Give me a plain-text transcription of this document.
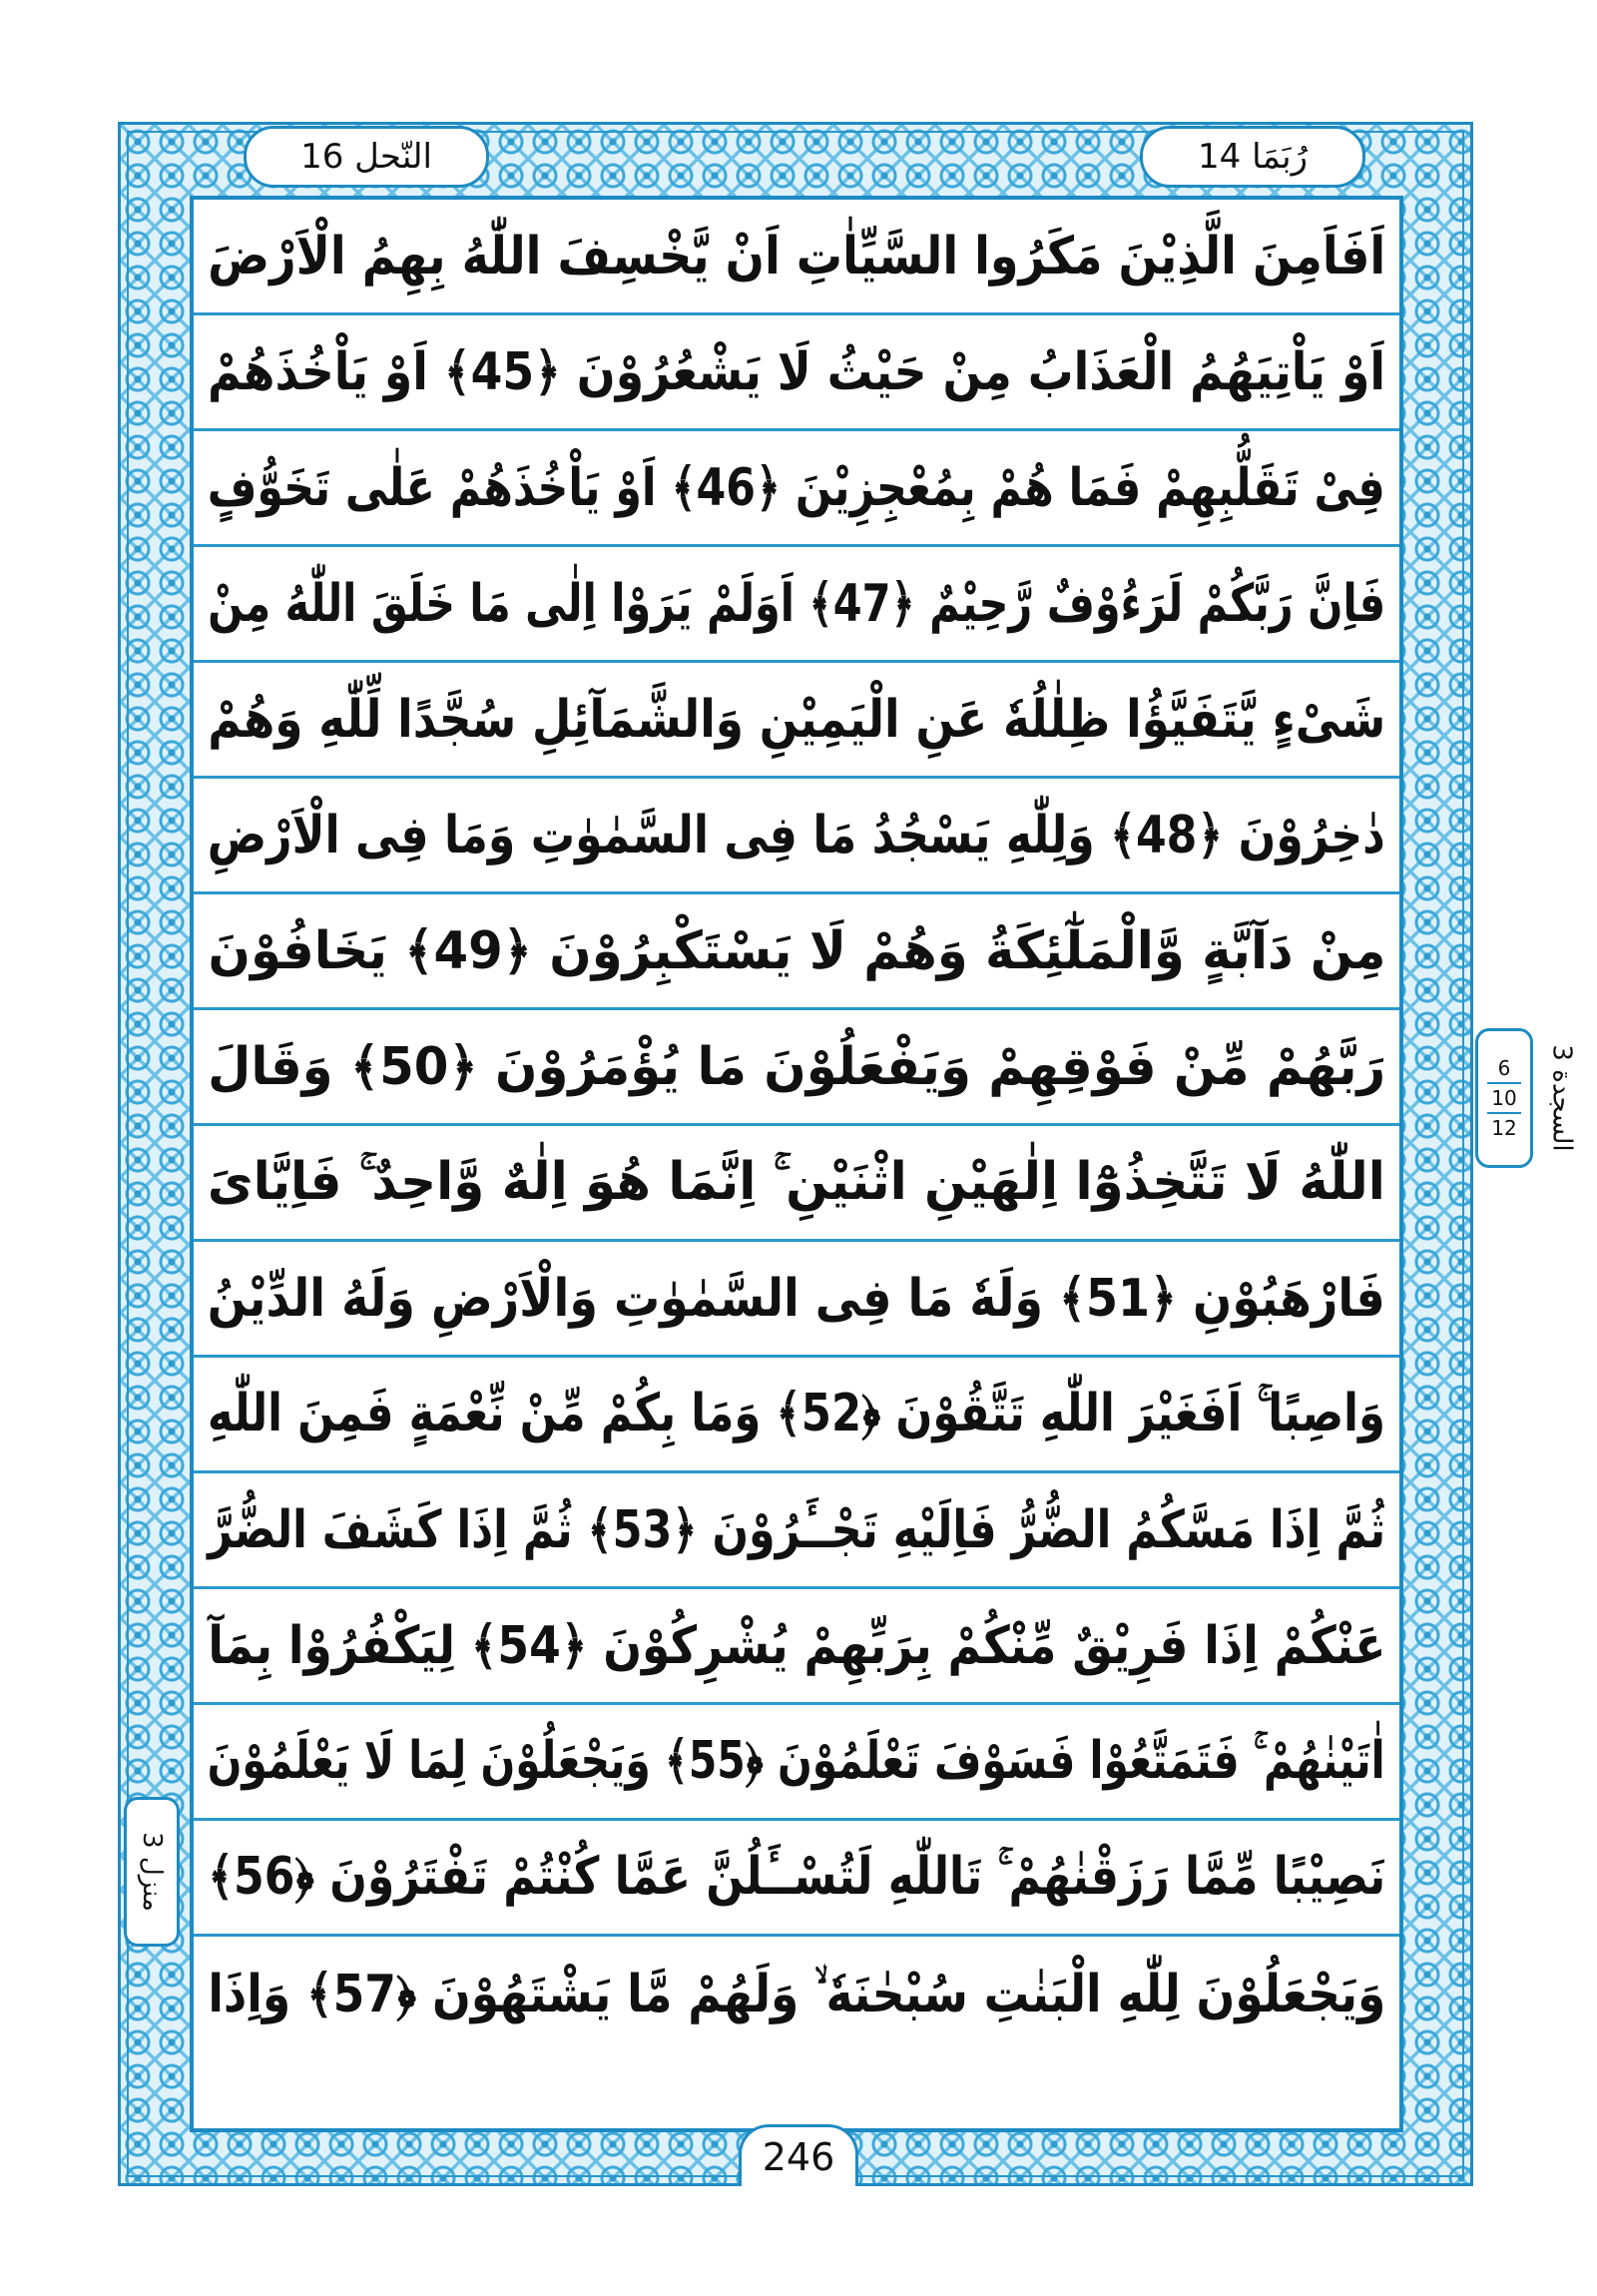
النّحل 16	رُبَمَا 14
اَفَاَمِنَ الَّذِيْنَ مَكَرُوا السَّيِّاٰتِ اَنْ يَّخْسِفَ اللّٰهُ بِهِمُ الْاَرْضَ
اَوْ يَاْتِيَهُمُ الْعَذَابُ مِنْ حَيْثُ لَا يَشْعُرُوْنَ ﴿45﴾ اَوْ يَاْخُذَهُمْ
فِىْ تَقَلُّبِهِمْ فَمَا هُمْ بِمُعْجِزِيْنَ ﴿46﴾ اَوْ يَاْخُذَهُمْ عَلٰى تَخَوُّفٍ
فَاِنَّ رَبَّكُمْ لَرَءُوْفٌ رَّحِيْمٌ ﴿47﴾ اَوَلَمْ يَرَوْا اِلٰى مَا خَلَقَ اللّٰهُ مِنْ
شَىْءٍ يَّتَفَيَّؤُا ظِلٰلُهٗ عَنِ الْيَمِيْنِ وَالشَّمَآئِلِ سُجَّدًا لِّلّٰهِ وَهُمْ
دٰخِرُوْنَ ﴿48﴾ وَلِلّٰهِ يَسْجُدُ مَا فِى السَّمٰوٰتِ وَمَا فِى الْاَرْضِ
مِنْ دَآبَّةٍ وَّالْمَلٰٓئِكَةُ وَهُمْ لَا يَسْتَكْبِرُوْنَ ﴿49﴾ يَخَافُوْنَ
رَبَّهُمْ مِّنْ فَوْقِهِمْ وَيَفْعَلُوْنَ مَا يُؤْمَرُوْنَ ﴿50﴾ وَقَالَ
اللّٰهُ لَا تَتَّخِذُوْٓا اِلٰهَيْنِ اثْنَيْنِ ۚ اِنَّمَا هُوَ اِلٰهٌ وَّاحِدٌ ۚ فَاِيَّاىَ
فَارْهَبُوْنِ ﴿51﴾ وَلَهٗ مَا فِى السَّمٰوٰتِ وَالْاَرْضِ وَلَهُ الدِّيْنُ
وَاصِبًا ۚ اَفَغَيْرَ اللّٰهِ تَتَّقُوْنَ ﴿52﴾ وَمَا بِكُمْ مِّنْ نِّعْمَةٍ فَمِنَ اللّٰهِ
ثُمَّ اِذَا مَسَّكُمُ الضُّرُّ فَاِلَيْهِ تَجْــَٔرُوْنَ ﴿53﴾ ثُمَّ اِذَا كَشَفَ الضُّرَّ
عَنْكُمْ اِذَا فَرِيْقٌ مِّنْكُمْ بِرَبِّهِمْ يُشْرِكُوْنَ ﴿54﴾ لِيَكْفُرُوْا بِمَآ
اٰتَيْنٰهُمْ ۚ فَتَمَتَّعُوْا فَسَوْفَ تَعْلَمُوْنَ ﴿55﴾ وَيَجْعَلُوْنَ لِمَا لَا يَعْلَمُوْنَ
نَصِيْبًا مِّمَّا رَزَقْنٰهُمْ ۚ تَاللّٰهِ لَتُسْــَٔلُنَّ عَمَّا كُنْتُمْ تَفْتَرُوْنَ ﴿56﴾
وَيَجْعَلُوْنَ لِلّٰهِ الْبَنٰتِ سُبْحٰنَهٗ ۙ وَلَهُمْ مَّا يَشْتَهُوْنَ ﴿57﴾ وَاِذَا
6
10
12
السجدة 3
منزل 3
246
